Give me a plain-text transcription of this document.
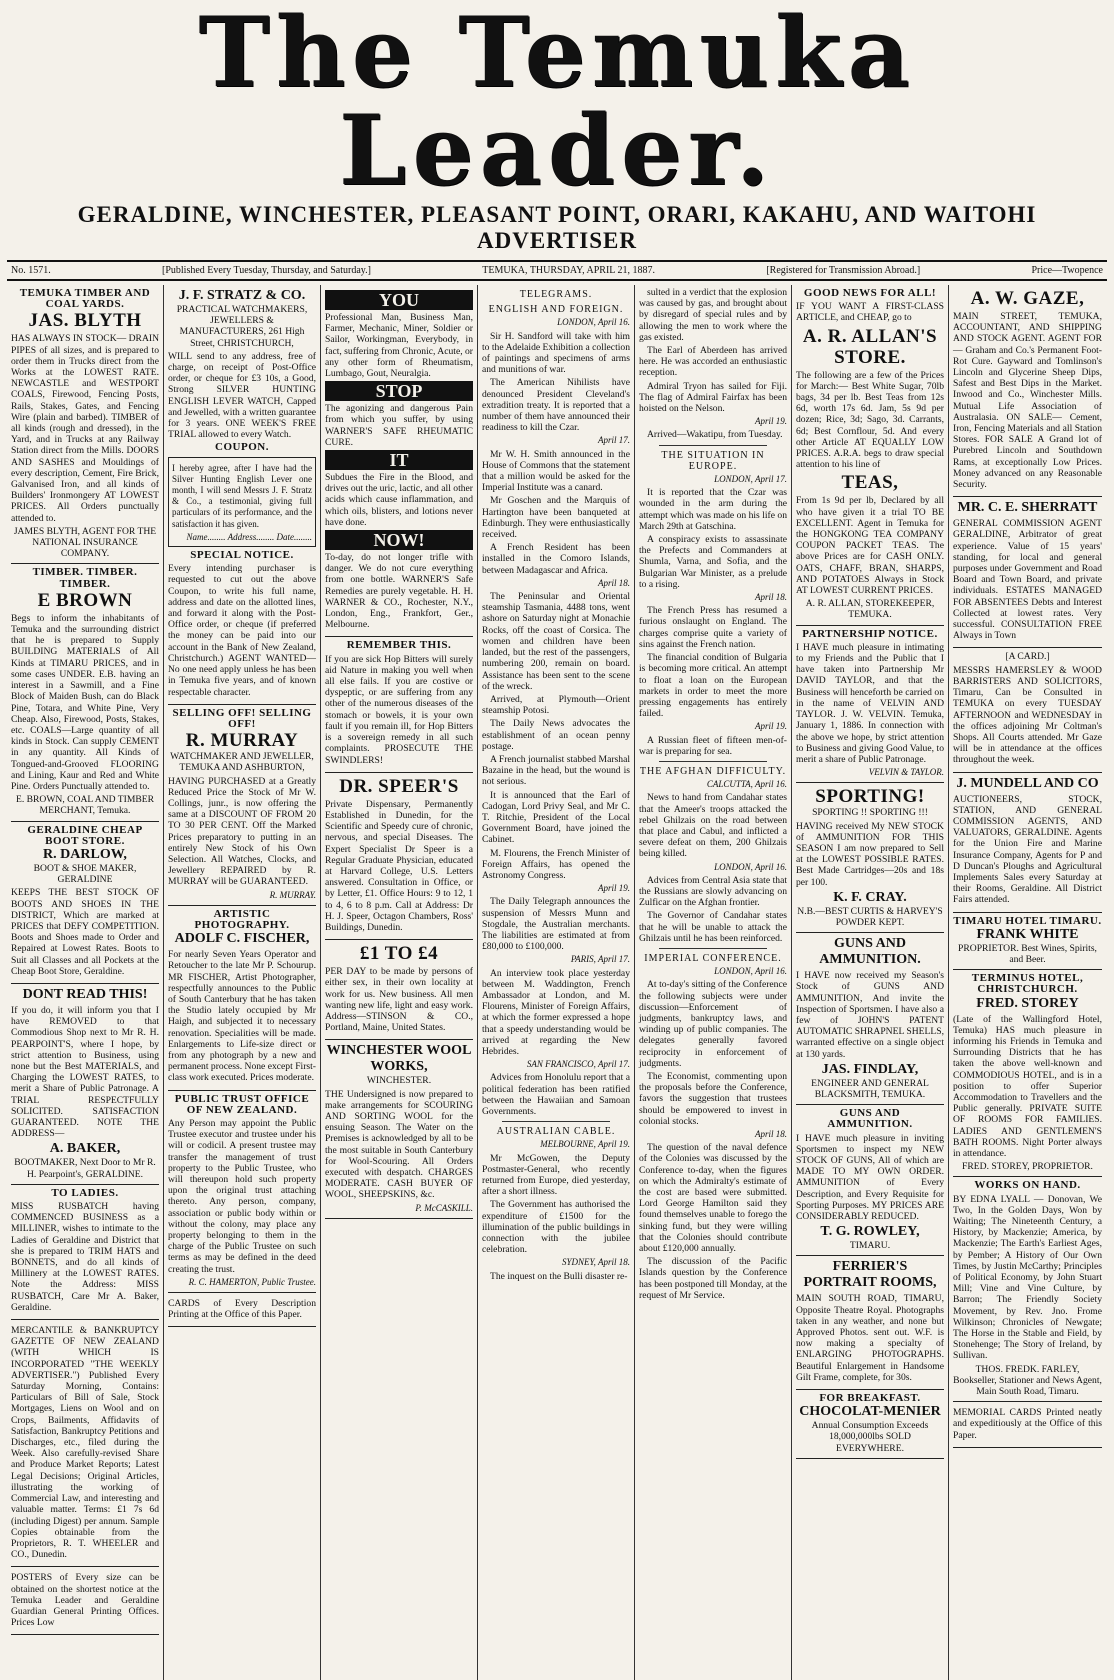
The Temuka Leader.
GERALDINE, WINCHESTER, PLEASANT POINT, ORARI, KAKAHU, AND WAITOHI ADVERTISER
No. 1571.	[Published Every Tuesday, Thursday, and Saturday.]	TEMUKA, THURSDAY, APRIL 21, 1887.	[Registered for Transmission Abroad.]	Price—Twopence
TEMUKA TIMBER AND COAL YARDS.
JAS. BLYTH

HAS ALWAYS IN STOCK— DRAIN PIPES of all sizes, and is prepared to order them in Trucks direct from the Works at the LOWEST RATE. NEWCASTLE and WESTPORT COALS, Firewood, Fencing Posts, Rails, Stakes, Gates, and Fencing Wire (plain and barbed). TIMBER of all kinds (rough and dressed), in the Yard, and in Trucks at any Railway Station direct from the Mills. DOORS AND SASHES and Mouldings of every description, Cement, Fire Brick, Galvanised Iron, and all kinds of Builders' Ironmongery AT LOWEST PRICES. All Orders punctually attended to.

JAMES BLYTH, AGENT FOR THE NATIONAL INSURANCE COMPANY.
TIMBER. TIMBER. TIMBER.
E BROWN

Begs to inform the inhabitants of Temuka and the surrounding district that he is prepared to Supply BUILDING MATERIALS of All Kinds at TIMARU PRICES, and in some cases UNDER. E.B. having an interest in a Sawmill, and a Fine Block of Maiden Bush, can do Black Pine, Totara, and White Pine, Very Cheap. Also, Firewood, Posts, Stakes, etc. COALS—Large quantity of all kinds in Stock. Can supply CEMENT in any quantity. All Kinds of Tongued-and-Grooved FLOORING and Lining, Kaur and Red and White Pine. Orders Punctually attended to.

E. BROWN, COAL AND TIMBER MERCHANT, Temuka.
GERALDINE CHEAP BOOT STORE.
R. DARLOW,
BOOT & SHOE MAKER, GERALDINE

KEEPS THE BEST STOCK OF BOOTS AND SHOES IN THE DISTRICT, Which are marked at PRICES that DEFY COMPETITION. Boots and Shoes made to Order and Repaired at Lowest Rates. Boots to Suit all Classes and all Pockets at the Cheap Boot Store, Geraldine.

DONT READ THIS!

If you do, it will inform you that I have REMOVED to that Commodious Shop next to Mr R. H. PEARPOINT'S, where I hope, by strict attention to Business, using none but the Best MATERIALS, and Charging the LOWEST RATES, to merit a Share of Public Patronage. A TRIAL RESPECTFULLY SOLICITED. SATISFACTION GUARANTEED. NOTE THE ADDRESS—

A. BAKER,
BOOTMAKER, Next Door to Mr R. H. Pearpoint's, GERALDINE.
TO LADIES.

MISS RUSBATCH having COMMENCED BUSINESS as a MILLINER, wishes to intimate to the Ladies of Geraldine and District that she is prepared to TRIM HATS and BONNETS, and do all kinds of Millinery at the LOWEST RATES. Note the Address: MISS RUSBATCH, Care Mr A. Baker, Geraldine.

MERCANTILE & BANKRUPTCY GAZETTE OF NEW ZEALAND (WITH WHICH IS INCORPORATED "THE WEEKLY ADVERTISER.") Published Every Saturday Morning, Contains: Particulars of Bill of Sale, Stock Mortgages, Liens on Wool and on Crops, Bailments, Affidavits of Satisfaction, Bankruptcy Petitions and Discharges, etc., filed during the Week. Also carefully-revised Share and Produce Market Reports; Latest Legal Decisions; Original Articles, illustrating the working of Commercial Law, and interesting and valuable matter. Terms: £1 7s 6d (including Digest) per annum. Sample Copies obtainable from the Proprietors, R. T. WHEELER and CO., Dunedin.

POSTERS of Every size can be obtained on the shortest notice at the Temuka Leader and Geraldine Guardian General Printing Offices. Prices Low

J. F. STRATZ & CO.
PRACTICAL WATCHMAKERS, JEWELLERS & MANUFACTURERS, 261 High Street, CHRISTCHURCH,

WILL send to any address, free of charge, on receipt of Post-Office order, or cheque for £3 10s, a Good, Strong SILVER HUNTING ENGLISH LEVER WATCH, Capped and Jewelled, with a written guarantee for 3 years. ONE WEEK'S FREE TRIAL allowed to every Watch.

COUPON.

I hereby agree, after I have had the Silver Hunting English Lever one month, I will send Messrs J. F. Stratz & Co., a testimonial, giving full particulars of its performance, and the satisfaction it has given.

Name........ Address........ Date........
SPECIAL NOTICE.

Every intending purchaser is requested to cut out the above Coupon, to write his full name, address and date on the allotted lines, and forward it along with the Post-Office order, or cheque (if preferred the money can be paid into our account in the Bank of New Zealand, Christchurch.) AGENT WANTED—No one need apply unless he has been in Temuka five years, and of known respectable character.

SELLING OFF! SELLING OFF!
R. MURRAY
WATCHMAKER AND JEWELLER, TEMUKA AND ASHBURTON,

HAVING PURCHASED at a Greatly Reduced Price the Stock of Mr W. Collings, junr., is now offering the same at a DISCOUNT OF FROM 20 TO 30 PER CENT. Off the Marked Prices preparatory to putting in an entirely New Stock of his Own Selection. All Watches, Clocks, and Jewellery REPAIRED by R. MURRAY will be GUARANTEED.

R. MURRAY.
ARTISTIC PHOTOGRAPHY.
ADOLF C. FISCHER,

For nearly Seven Years Operator and Retoucher to the late Mr P. Schourup. MR FISCHER, Artist Photographer, respectfully announces to the Public of South Canterbury that he has taken the Studio lately occupied by Mr Haigh, and subjected it to necessary renovation. Specialities will be made. Enlargements to Life-size direct or from any photograph by a new and permanent process. None except First-class work executed. Prices moderate.

PUBLIC TRUST OFFICE OF NEW ZEALAND.

Any Person may appoint the Public Trustee executor and trustee under his will or codicil. A present trustee may transfer the management of trust property to the Public Trustee, who will thereupon hold such property upon the original trust attaching thereto. Any person, company, association or public body within or without the colony, may place any property belonging to them in the charge of the Public Trustee on such terms as may be defined in the deed creating the trust.

R. C. HAMERTON, Public Trustee.

CARDS of Every Description Printing at the Office of this Paper.

YOU

Professional Man, Business Man, Farmer, Mechanic, Miner, Soldier or Sailor, Workingman, Everybody, in fact, suffering from Chronic, Acute, or any other form of Rheumatism, Lumbago, Gout, Neuralgia.

STOP

The agonizing and dangerous Pain from which you suffer, by using WARNER'S SAFE RHEUMATIC CURE.

IT

Subdues the Fire in the Blood, and drives out the uric, lactic, and all other acids which cause inflammation, and which oils, blisters, and lotions never have done.

NOW!

To-day, do not longer trifle with danger. We do not cure everything from one bottle. WARNER'S Safe Remedies are purely vegetable. H. H. WARNER & CO., Rochester, N.Y., London, Eng., Frankfort, Ger., Melbourne.

REMEMBER THIS.

If you are sick Hop Bitters will surely aid Nature in making you well when all else fails. If you are costive or dyspeptic, or are suffering from any other of the numerous diseases of the stomach or bowels, it is your own fault if you remain ill, for Hop Bitters is a sovereign remedy in all such complaints. PROSECUTE THE SWINDLERS!

DR. SPEER'S

Private Dispensary, Permanently Established in Dunedin, for the Scientific and Speedy cure of chronic, nervous, and special Diseases. The Expert Specialist Dr Speer is a Regular Graduate Physician, educated at Harvard College, U.S. Letters answered. Consultation in Office, or by Letter, £1. Office Hours: 9 to 12, 1 to 4, 6 to 8 p.m. Call at Address: Dr H. J. Speer, Octagon Chambers, Ross' Buildings, Dunedin.

£1 TO £4

PER DAY to be made by persons of either sex, in their own locality at work for us. New business. All men wanting new life, light and easy work. Address—STINSON & CO., Portland, Maine, United States.

WINCHESTER WOOL WORKS,
WINCHESTER.

THE Undersigned is now prepared to make arrangements for SCOURING AND SORTING WOOL for the ensuing Season. The Water on the Premises is acknowledged by all to be the most suitable in South Canterbury for Wool-Scouring. All Orders executed with despatch. CHARGES MODERATE. CASH BUYER OF WOOL, SHEEPSKINS, &c.

P. McCASKILL.
TELEGRAMS.
ENGLISH AND FOREIGN.
LONDON, April 16.

Sir H. Sandford will take with him to the Adelaide Exhibition a collection of paintings and specimens of arms and munitions of war.

The American Nihilists have denounced President Cleveland's extradition treaty. It is reported that a number of them have announced their readiness to kill the Czar.

April 17.

Mr W. H. Smith announced in the House of Commons that the statement that a million would be asked for the Imperial Institute was a canard.

Mr Goschen and the Marquis of Hartington have been banqueted at Edinburgh. They were enthusiastically received.

A French Resident has been installed in the Comoro Islands, between Madagascar and Africa.

April 18.

The Peninsular and Oriental steamship Tasmania, 4488 tons, went ashore on Saturday night at Monachie Rocks, off the coast of Corsica. The women and children have been landed, but the rest of the passengers, numbering 200, remain on board. Assistance has been sent to the scene of the wreck.

Arrived, at Plymouth—Orient steamship Potosi.

The Daily News advocates the establishment of an ocean penny postage.

A French journalist stabbed Marshal Bazaine in the head, but the wound is not serious.

It is announced that the Earl of Cadogan, Lord Privy Seal, and Mr C. T. Ritchie, President of the Local Government Board, have joined the Cabinet.

M. Flourens, the French Minister of Foreign Affairs, has opened the Astronomy Congress.

April 19.

The Daily Telegraph announces the suspension of Messrs Munn and Stogdale, the Australian merchants. The liabilities are estimated at from £80,000 to £100,000.

PARIS, April 17.

An interview took place yesterday between M. Waddington, French Ambassador at London, and M. Flourens, Minister of Foreign Affairs, at which the former expressed a hope that a speedy understanding would be arrived at regarding the New Hebrides.

SAN FRANCISCO, April 17.

Advices from Honolulu report that a political federation has been ratified between the Hawaiian and Samoan Governments.

AUSTRALIAN CABLE.
MELBOURNE, April 19.

Mr McGowen, the Deputy Postmaster-General, who recently returned from Europe, died yesterday, after a short illness.

The Government has authorised the expenditure of £1500 for the illumination of the public buildings in connection with the jubilee celebration.

SYDNEY, April 18.

The inquest on the Bulli disaster re-

sulted in a verdict that the explosion was caused by gas, and brought about by disregard of special rules and by allowing the men to work where the gas existed.

The Earl of Aberdeen has arrived here. He was accorded an enthusiastic reception.

Admiral Tryon has sailed for Fiji. The flag of Admiral Fairfax has been hoisted on the Nelson.

April 19.

Arrived—Wakatipu, from Tuesday.

THE SITUATION IN EUROPE.
LONDON, April 17.

It is reported that the Czar was wounded in the arm during the attempt which was made on his life on March 29th at Gatschina.

A conspiracy exists to assassinate the Prefects and Commanders at Shumla, Varna, and Sofia, and the Bulgarian War Minister, as a prelude to a rising.

April 18.

The French Press has resumed a furious onslaught on England. The charges comprise quite a variety of sins against the French nation.

The financial condition of Bulgaria is becoming more critical. An attempt to float a loan on the European markets in order to meet the more pressing engagements has entirely failed.

April 19.

A Russian fleet of fifteen men-of-war is preparing for sea.

THE AFGHAN DIFFICULTY.
CALCUTTA, April 16.

News to hand from Candahar states that the Ameer's troops attacked the rebel Ghilzais on the road between that place and Cabul, and inflicted a severe defeat on them, 200 Ghilzais being killed.

LONDON, April 16.

Advices from Central Asia state that the Russians are slowly advancing on Zulficar on the Afghan frontier.

The Governor of Candahar states that he will be unable to attack the Ghilzais until he has been reinforced.

IMPERIAL CONFERENCE.
LONDON, April 16.

At to-day's sitting of the Conference the following subjects were under discussion—Enforcement of judgments, bankruptcy laws, and winding up of public companies. The delegates generally favored reciprocity in enforcement of judgments.

The Economist, commenting upon the proposals before the Conference, favors the suggestion that trustees should be empowered to invest in colonial stocks.

April 18.

The question of the naval defence of the Colonies was discussed by the Conference to-day, when the figures on which the Admiralty's estimate of the cost are based were submitted. Lord George Hamilton said they found themselves unable to forego the sinking fund, but they were willing that the Colonies should contribute about £120,000 annually.

The discussion of the Pacific Islands question by the Conference has been postponed till Monday, at the request of Mr Service.

GOOD NEWS FOR ALL!

IF YOU WANT A FIRST-CLASS ARTICLE, and CHEAP, go to

A. R. ALLAN'S STORE.

The following are a few of the Prices for March:— Best White Sugar, 70lb bags, 34 per lb. Best Teas from 12s 6d, worth 17s 6d. Jam, 5s 9d per dozen; Rice, 3d; Sago, 3d. Carrants, 6d; Best Cornflour, 5d. And every other Article AT EQUALLY LOW PRICES. A.R.A. begs to draw special attention to his line of

TEAS,

From 1s 9d per lb, Declared by all who have given it a trial TO BE EXCELLENT. Agent in Temuka for the HONGKONG TEA COMPANY COUPON PACKET TEAS. The above Prices are for CASH ONLY. OATS, CHAFF, BRAN, SHARPS, AND POTATOES Always in Stock AT LOWEST CURRENT PRICES.

A. R. ALLAN, STOREKEEPER, TEMUKA.
PARTNERSHIP NOTICE.

I HAVE much pleasure in intimating to my Friends and the Public that I have taken into Partnership Mr DAVID TAYLOR, and that the Business will henceforth be carried on in the name of VELVIN AND TAYLOR. J. W. VELVIN. Temuka, January 1, 1886. In connection with the above we hope, by strict attention to Business and giving Good Value, to merit a share of Public Patronage.

VELVIN & TAYLOR.
SPORTING!
SPORTING !! SPORTING !!!

HAVING received My NEW STOCK of AMMUNITION FOR THIS SEASON I am now prepared to Sell at the LOWEST POSSIBLE RATES. Best Made Cartridges—20s and 18s per 100.

K. F. CRAY.
N.B.—BEST CURTIS & HARVEY'S POWDER KEPT.
GUNS AND AMMUNITION.

I HAVE now received my Season's Stock of GUNS AND AMMUNITION, And invite the Inspection of Sportsmen. I have also a few of JOHN'S PATENT AUTOMATIC SHRAPNEL SHELLS, warranted effective on a single object at 130 yards.

JAS. FINDLAY,
ENGINEER AND GENERAL BLACKSMITH, TEMUKA.
GUNS AND AMMUNITION.

I HAVE much pleasure in inviting Sportsmen to inspect my NEW STOCK OF GUNS, All of which are MADE TO MY OWN ORDER. AMMUNITION of Every Description, and Every Requisite for Sporting Purposes. MY PRICES ARE CONSIDERABLY REDUCED.

T. G. ROWLEY,
TIMARU.
FERRIER'S PORTRAIT ROOMS,

MAIN SOUTH ROAD, TIMARU, Opposite Theatre Royal. Photographs taken in any weather, and none but Approved Photos. sent out. W.F. is now making a specialty of ENLARGING PHOTOGRAPHS. Beautiful Enlargement in Handsome Gilt Frame, complete, for 30s.

FOR BREAKFAST.
CHOCOLAT-MENIER
Annual Consumption Exceeds 18,000,000lbs SOLD EVERYWHERE.
A. W. GAZE,

MAIN STREET, TEMUKA, ACCOUNTANT, AND SHIPPING AND STOCK AGENT. AGENT FOR— Graham and Co.'s Permanent Foot-Rot Cure. Gayward and Tomlinson's Lincoln and Glycerine Sheep Dips, Safest and Best Dips in the Market. Inwood and Co., Winchester Mills. Mutual Life Association of Australasia. ON SALE— Cement, Iron, Fencing Materials and all Station Stores. FOR SALE A Grand lot of Purebred Lincoln and Southdown Rams, at exceptionally Low Prices. Money advanced on any Reasonable Security.

MR. C. E. SHERRATT

GENERAL COMMISSION AGENT GERALDINE, Arbitrator of great experience. Value of 15 years' standing, for local and general purposes under Government and Road Board and Town Board, and private individuals. ESTATES MANAGED FOR ABSENTEES Debts and Interest Collected at lowest rates. Very successful. CONSULTATION FREE Always in Town

[A CARD.]

MESSRS HAMERSLEY & WOOD BARRISTERS AND SOLICITORS, Timaru, Can be Consulted in TEMUKA on every TUESDAY AFTERNOON and WEDNESDAY in the offices adjoining Mr Coltman's Shops. All Courts attended. Mr Gaze will be in attendance at the offices throughout the week.

J. MUNDELL AND CO

AUCTIONEERS, STOCK, STATION, AND GENERAL COMMISSION AGENTS, AND VALUATORS, GERALDINE. Agents for the Union Fire and Marine Insurance Company, Agents for P and D Duncan's Ploughs and Agricultural Implements Sales every Saturday at their Rooms, Geraldine. All District Fairs attended.

TIMARU HOTEL TIMARU.
FRANK WHITE
PROPRIETOR. Best Wines, Spirits, and Beer.
TERMINUS HOTEL, CHRISTCHURCH.
FRED. STOREY

(Late of the Wallingford Hotel, Temuka) HAS much pleasure in informing his Friends in Temuka and Surrounding Districts that he has taken the above well-known and COMMODIOUS HOTEL, and is in a position to offer Superior Accommodation to Travellers and the Public generally. PRIVATE SUITE OF ROOMS FOR FAMILIES. LADIES AND GENTLEMEN'S BATH ROOMS. Night Porter always in attendance.

FRED. STOREY, PROPRIETOR.
WORKS ON HAND.

BY EDNA LYALL — Donovan, We Two, In the Golden Days, Won by Waiting; The Nineteenth Century, a History, by Mackenzie; America, by Mackenzie; The Earth's Earliest Ages, by Pember; A History of Our Own Times, by Justin McCarthy; Principles of Political Economy, by John Stuart Mill; Vine and Vine Culture, by Barron; The Friendly Society Movement, by Rev. Jno. Frome Wilkinson; Chronicles of Newgate; The Horse in the Stable and Field, by Stonehenge; The Story of Ireland, by Sullivan.

THOS. FREDK. FARLEY, Bookseller, Stationer and News Agent, Main South Road, Timaru.

MEMORIAL CARDS Printed neatly and expeditiously at the Office of this Paper.
